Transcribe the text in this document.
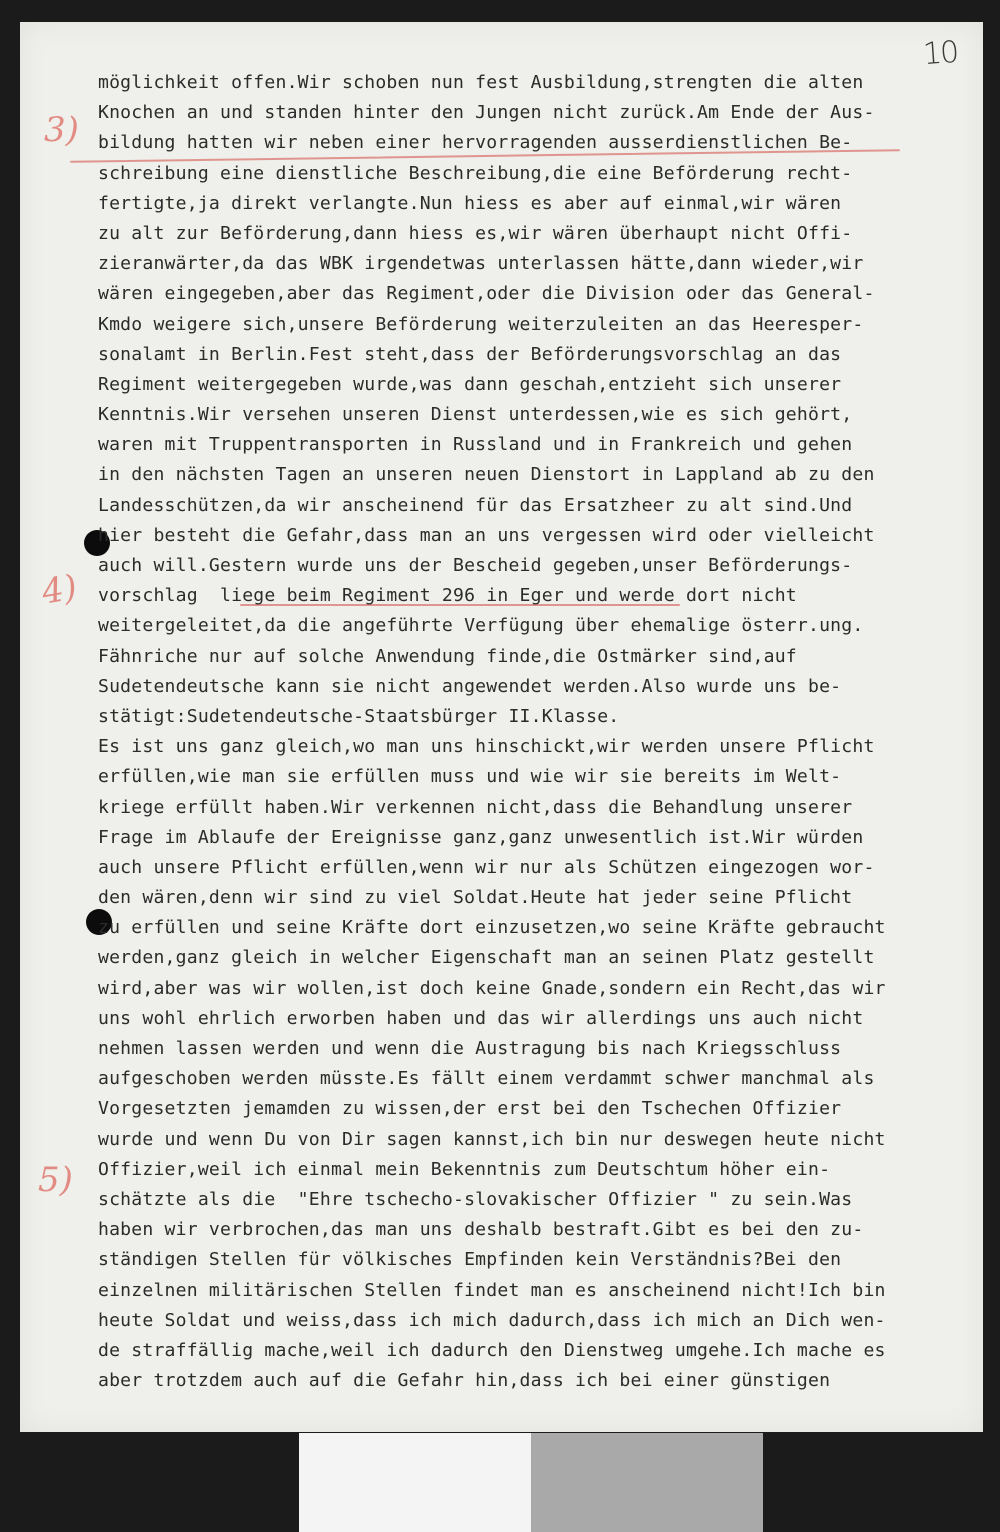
10
3)
4)
5)
möglichkeit offen.Wir schoben nun fest Ausbildung,strengten die alten
Knochen an und standen hinter den Jungen nicht zurück.Am Ende der Aus-
bildung hatten wir neben einer hervorragenden ausserdienstlichen Be-
schreibung eine dienstliche Beschreibung,die eine Beförderung recht-
fertigte,ja direkt verlangte.Nun hiess es aber auf einmal,wir wären
zu alt zur Beförderung,dann hiess es,wir wären überhaupt nicht Offi-
zieranwärter,da das WBK irgendetwas unterlassen hätte,dann wieder,wir
wären eingegeben,aber das Regiment,oder die Division oder das General-
Kmdo weigere sich,unsere Beförderung weiterzuleiten an das Heeresper-
sonalamt in Berlin.Fest steht,dass der Beförderungsvorschlag an das
Regiment weitergegeben wurde,was dann geschah,entzieht sich unserer
Kenntnis.Wir versehen unseren Dienst unterdessen,wie es sich gehört,
waren mit Truppentransporten in Russland und in Frankreich und gehen
in den nächsten Tagen an unseren neuen Dienstort in Lappland ab zu den
Landesschützen,da wir anscheinend für das Ersatzheer zu alt sind.Und
hier besteht die Gefahr,dass man an uns vergessen wird oder vielleicht
auch will.Gestern wurde uns der Bescheid gegeben,unser Beförderungs-
vorschlag  liege beim Regiment 296 in Eger und werde dort nicht
weitergeleitet,da die angeführte Verfügung über ehemalige österr.ung.
Fähnriche nur auf solche Anwendung finde,die Ostmärker sind,auf
Sudetendeutsche kann sie nicht angewendet werden.Also wurde uns be-
stätigt:Sudetendeutsche-Staatsbürger II.Klasse.
Es ist uns ganz gleich,wo man uns hinschickt,wir werden unsere Pflicht
erfüllen,wie man sie erfüllen muss und wie wir sie bereits im Welt-
kriege erfüllt haben.Wir verkennen nicht,dass die Behandlung unserer
Frage im Ablaufe der Ereignisse ganz,ganz unwesentlich ist.Wir würden
auch unsere Pflicht erfüllen,wenn wir nur als Schützen eingezogen wor-
den wären,denn wir sind zu viel Soldat.Heute hat jeder seine Pflicht
zu erfüllen und seine Kräfte dort einzusetzen,wo seine Kräfte gebraucht
werden,ganz gleich in welcher Eigenschaft man an seinen Platz gestellt
wird,aber was wir wollen,ist doch keine Gnade,sondern ein Recht,das wir
uns wohl ehrlich erworben haben und das wir allerdings uns auch nicht
nehmen lassen werden und wenn die Austragung bis nach Kriegsschluss
aufgeschoben werden müsste.Es fällt einem verdammt schwer manchmal als
Vorgesetzten jemamden zu wissen,der erst bei den Tschechen Offizier
wurde und wenn Du von Dir sagen kannst,ich bin nur deswegen heute nicht
Offizier,weil ich einmal mein Bekenntnis zum Deutschtum höher ein-
schätzte als die  "Ehre tschecho-slovakischer Offizier " zu sein.Was
haben wir verbrochen,das man uns deshalb bestraft.Gibt es bei den zu-
ständigen Stellen für völkisches Empfinden kein Verständnis?Bei den
einzelnen militärischen Stellen findet man es anscheinend nicht!Ich bin
heute Soldat und weiss,dass ich mich dadurch,dass ich mich an Dich wen-
de straffällig mache,weil ich dadurch den Dienstweg umgehe.Ich mache es
aber trotzdem auch auf die Gefahr hin,dass ich bei einer günstigen
